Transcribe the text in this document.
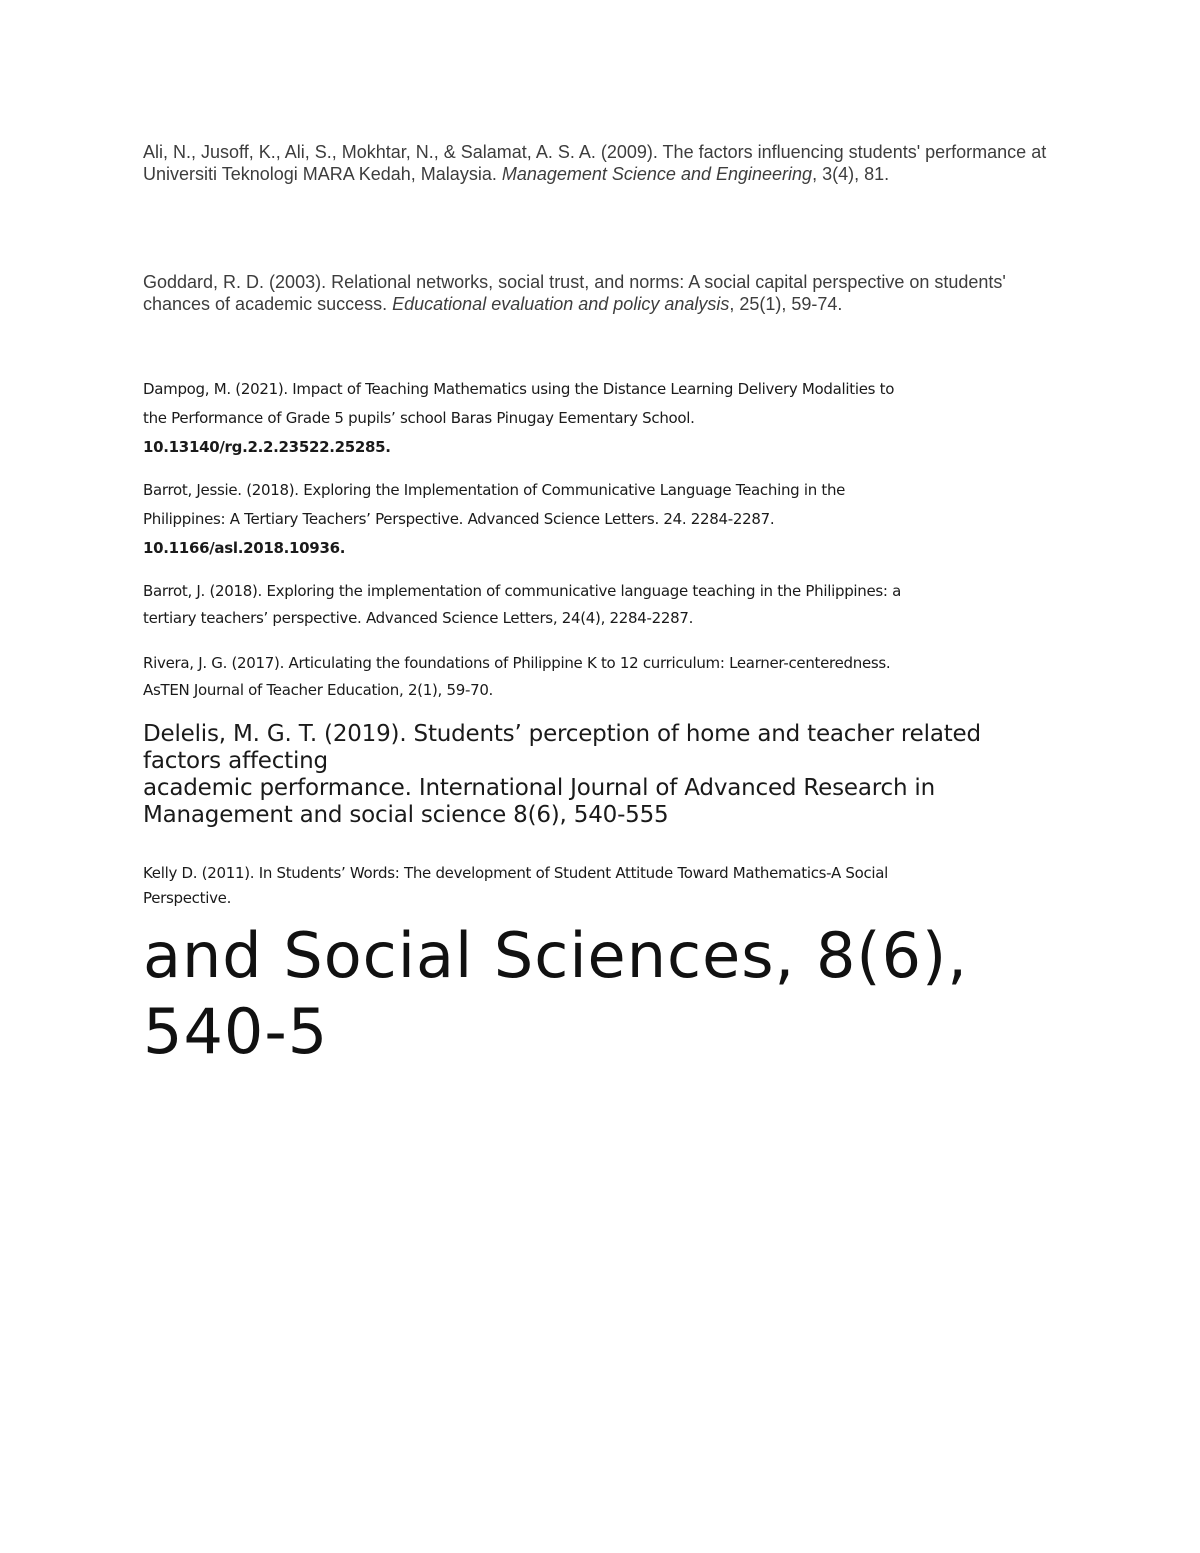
Ali, N., Jusoff, K., Ali, S., Mokhtar, N., & Salamat, A. S. A. (2009). The factors influencing students' performance at Universiti Teknologi MARA Kedah, Malaysia. Management Science and Engineering, 3(4), 81.

Goddard, R. D. (2003). Relational networks, social trust, and norms: A social capital perspective on students' chances of academic success. Educational evaluation and policy analysis, 25(1), 59-74.

Dampog, M. (2021). Impact of Teaching Mathematics using the Distance Learning Delivery Modalities to
the Performance of Grade 5 pupils’ school Baras Pinugay Eementary School.
10.13140/rg.2.2.23522.25285.
Barrot, Jessie. (2018). Exploring the Implementation of Communicative Language Teaching in the
Philippines: A Tertiary Teachers’ Perspective. Advanced Science Letters. 24. 2284-2287.
10.1166/asl.2018.10936.
Barrot, J. (2018). Exploring the implementation of communicative language teaching in the Philippines: a
tertiary teachers’ perspective. Advanced Science Letters, 24(4), 2284-2287.
Rivera, J. G. (2017). Articulating the foundations of Philippine K to 12 curriculum: Learner-centeredness.
AsTEN Journal of Teacher Education, 2(1), 59-70.
Delelis, M. G. T. (2019). Students’ perception of home and teacher related
factors affecting
academic performance. International Journal of Advanced Research in
Management and social science 8(6), 540-555
Kelly D. (2011). In Students’ Words: The development of Student Attitude Toward Mathematics-A Social
Perspective.
and Social Sciences, 8(6),
540-5
